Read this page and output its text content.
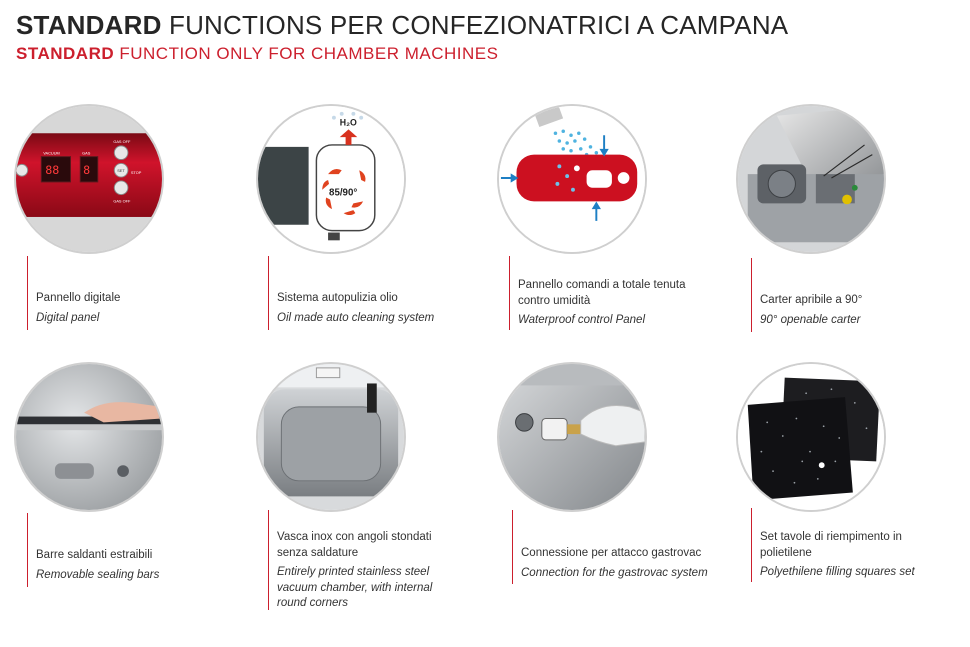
STANDARD FUNCTIONS PER CONFEZIONATRICI A CAMPANA
STANDARD FUNCTION ONLY FOR CHAMBER MACHINES
88 8
VACUUM	GAS
GAS OFF
STOP
SET
GAS OFF
Pannello digitale
Digital panel
H₂O
85/90°
Sistema autopulizia olio
Oil made auto cleaning system
Pannello comandi a totale tenuta
contro umidità
Waterproof control Panel
Carter apribile a 90°
90° openable carter
Barre saldanti estraibili
Removable sealing bars
Vasca inox con angoli stondati
senza saldature
Entirely printed stainless steel
vacuum chamber, with internal
round corners
Connessione per attacco gastrovac
Connection for the gastrovac system
Set tavole di riempimento in
polietilene
Polyethilene filling squares set
